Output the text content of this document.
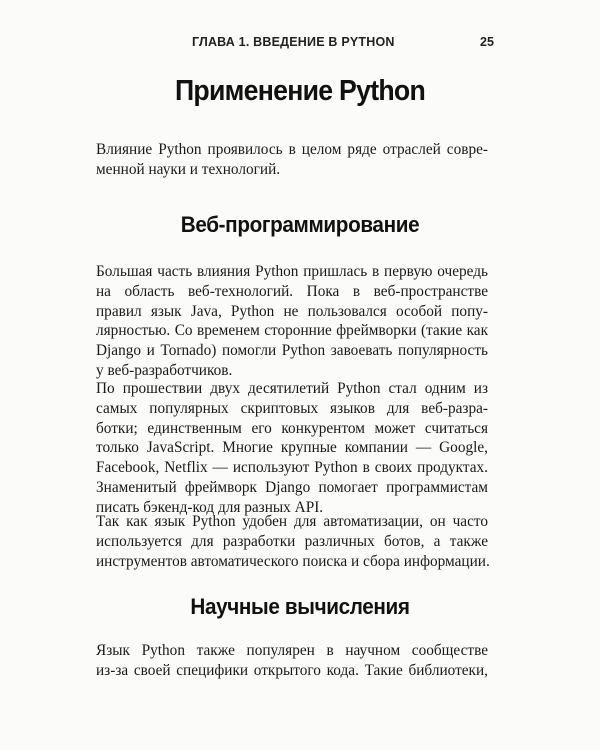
ГЛАВА 1. ВВЕДЕНИЕ В PYTHON	25
Применение Python
Влияние Python проявилось в целом ряде отраслей совре-
менной науки и технологий.
Веб-программирование
Большая часть влияния Python пришлась в первую очередь
на область веб-технологий. Пока в веб-пространстве
правил язык Java, Python не пользовался особой попу-
лярностью. Со временем сторонние фреймворки (такие как
Django и Tornado) помогли Python завоевать популярность
у веб-разработчиков.
По прошествии двух десятилетий Python стал одним из
самых популярных скриптовых языков для веб-разра-
ботки; единственным его конкурентом может считаться
только JavaScript. Многие крупные компании — Google,
Facebook, Netflix — используют Python в своих продуктах.
Знаменитый фреймворк Django помогает программистам
писать бэкенд-код для разных API.
Так как язык Python удобен для автоматизации, он часто
используется для разработки различных ботов, а также
инструментов автоматического поиска и сбора информации.
Научные вычисления
Язык Python также популярен в научном сообществе
из-за своей специфики открытого кода. Такие библиотеки,
